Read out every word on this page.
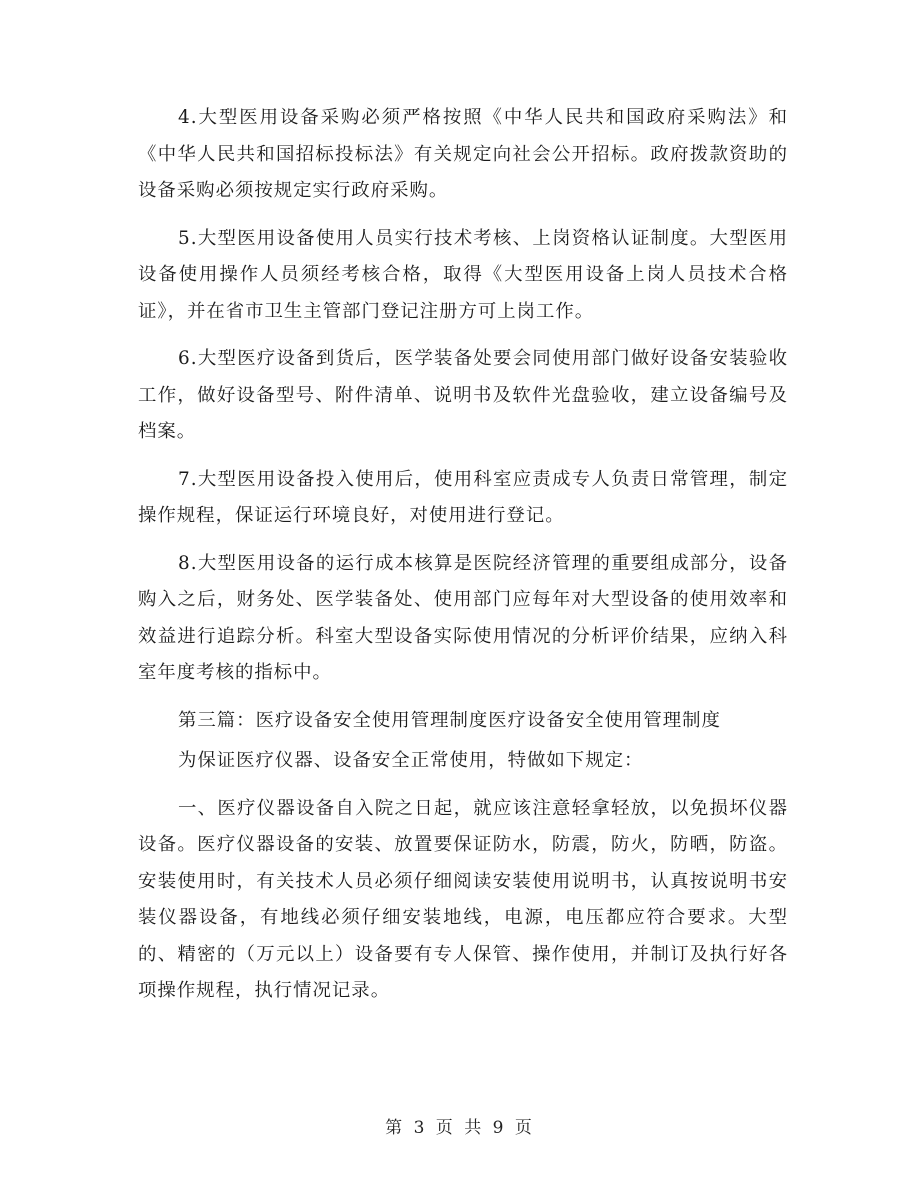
4.大型医用设备采购必须严格按照《中华人民共和国政府采购法》和《中华人民共和国招标投标法》有关规定向社会公开招标。政府拨款资助的设备采购必须按规定实行政府采购。

5.大型医用设备使用人员实行技术考核、上岗资格认证制度。大型医用设备使用操作人员须经考核合格，取得《大型医用设备上岗人员技术合格证》，并在省市卫生主管部门登记注册方可上岗工作。

6.大型医疗设备到货后，医学装备处要会同使用部门做好设备安装验收工作，做好设备型号、附件清单、说明书及软件光盘验收，建立设备编号及档案。

7.大型医用设备投入使用后，使用科室应责成专人负责日常管理，制定操作规程，保证运行环境良好，对使用进行登记。

8.大型医用设备的运行成本核算是医院经济管理的重要组成部分，设备购入之后，财务处、医学装备处、使用部门应每年对大型设备的使用效率和效益进行追踪分析。科室大型设备实际使用情况的分析评价结果，应纳入科室年度考核的指标中。

第三篇：医疗设备安全使用管理制度医疗设备安全使用管理制度

为保证医疗仪器、设备安全正常使用，特做如下规定：

一、医疗仪器设备自入院之日起，就应该注意轻拿轻放，以免损坏仪器设备。医疗仪器设备的安装、放置要保证防水，防震，防火，防晒，防盗。安装使用时，有关技术人员必须仔细阅读安装使用说明书，认真按说明书安装仪器设备，有地线必须仔细安装地线，电源，电压都应符合要求。大型的、精密的（万元以上）设备要有专人保管、操作使用，并制订及执行好各项操作规程，执行情况记录。

第 3 页 共 9 页
